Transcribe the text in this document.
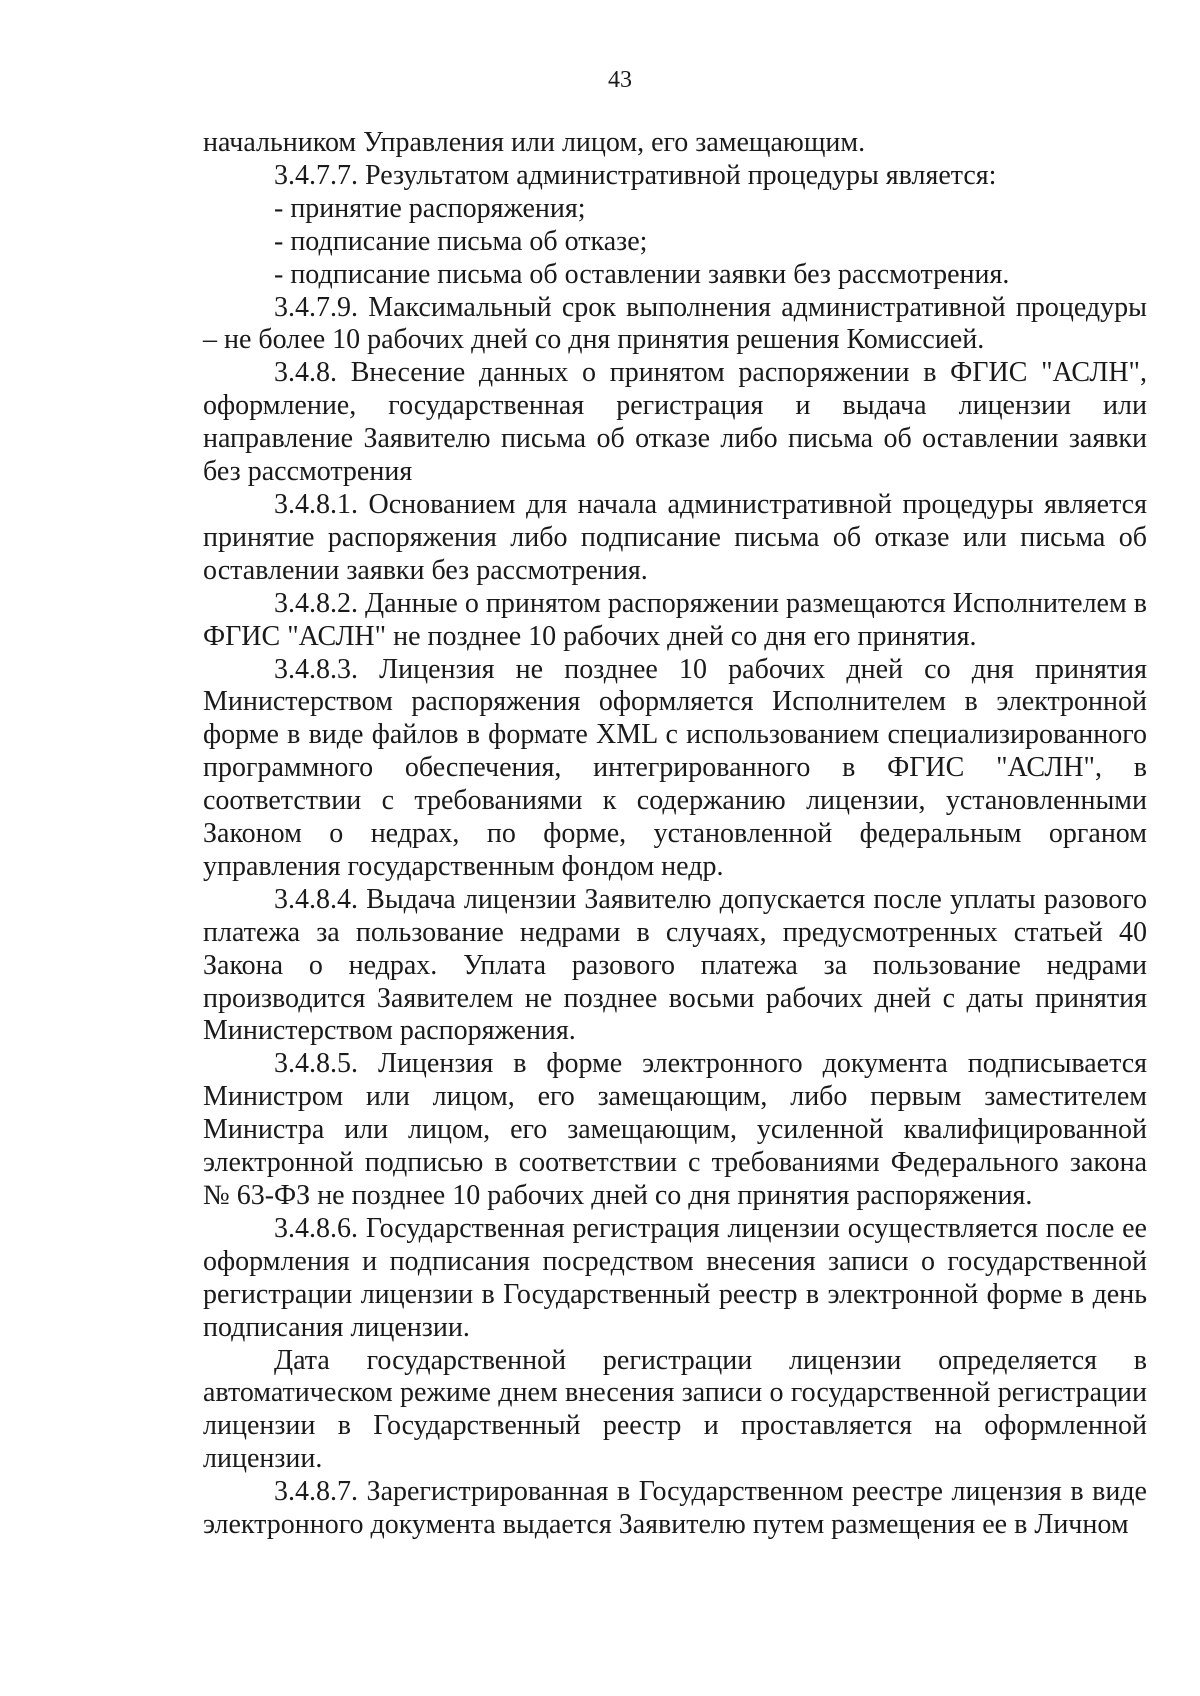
43

начальником Управления или лицом, его замещающим.

3.4.7.7. Результатом административной процедуры является:

- принятие распоряжения;

- подписание письма об отказе;

- подписание письма об оставлении заявки без рассмотрения.

3.4.7.9. Максимальный срок выполнения административной процедуры – не более 10 рабочих дней со дня принятия решения Комиссией.

3.4.8. Внесение данных о принятом распоряжении в ФГИС "АСЛН", оформление, государственная регистрация и выдача лицензии или направление Заявителю письма об отказе либо письма об оставлении заявки без рассмотрения

3.4.8.1. Основанием для начала административной процедуры является принятие распоряжения либо подписание письма об отказе или письма об оставлении заявки без рассмотрения.

3.4.8.2. Данные о принятом распоряжении размещаются Исполнителем в ФГИС "АСЛН" не позднее 10 рабочих дней со дня его принятия.

3.4.8.3. Лицензия не позднее 10 рабочих дней со дня принятия Министерством распоряжения оформляется Исполнителем в электронной форме в виде файлов в формате XML с использованием специализированного программного обеспечения, интегрированного в ФГИС "АСЛН", в соответствии с требованиями к содержанию лицензии, установленными Законом о недрах, по форме, установленной федеральным органом управления государственным фондом недр.

3.4.8.4. Выдача лицензии Заявителю допускается после уплаты разового платежа за пользование недрами в случаях, предусмотренных статьей 40 Закона о недрах. Уплата разового платежа за пользование недрами производится Заявителем не позднее восьми рабочих дней с даты принятия Министерством распоряжения.

3.4.8.5. Лицензия в форме электронного документа подписывается Министром или лицом, его замещающим, либо первым заместителем Министра или лицом, его замещающим, усиленной квалифицированной электронной подписью в соответствии с требованиями Федерального закона № 63-ФЗ не позднее 10 рабочих дней со дня принятия распоряжения.

3.4.8.6. Государственная регистрация лицензии осуществляется после ее оформления и подписания посредством внесения записи о государственной регистрации лицензии в Государственный реестр в электронной форме в день подписания лицензии.

Дата государственной регистрации лицензии определяется в автоматическом режиме днем внесения записи о государственной регистрации лицензии в Государственный реестр и проставляется на оформленной лицензии.

3.4.8.7. Зарегистрированная в Государственном реестре лицензия в виде электронного документа выдается Заявителю путем размещения ее в Личном
